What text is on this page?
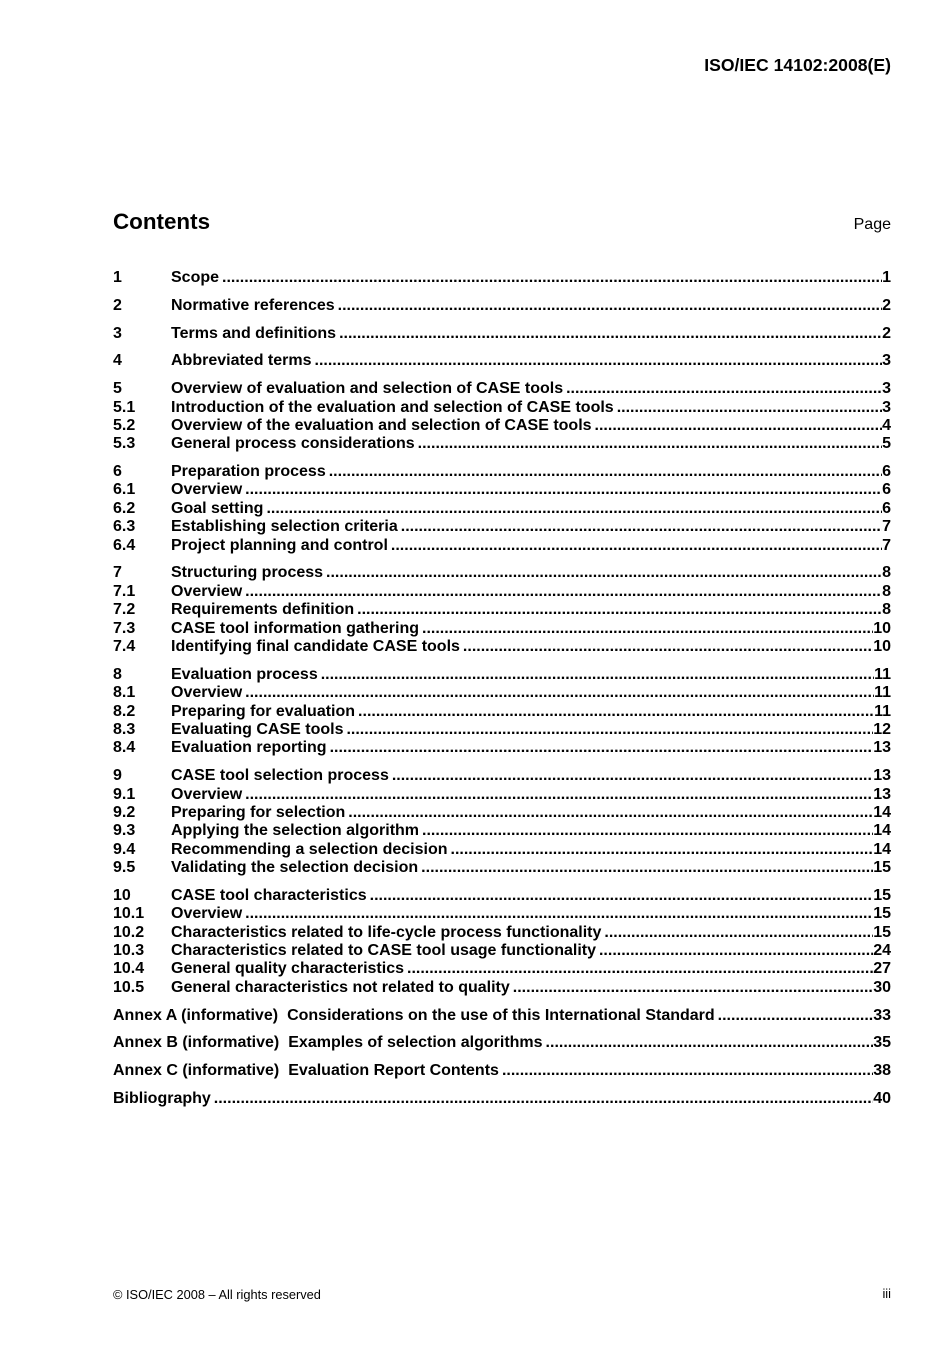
ISO/IEC 14102:2008(E)
Contents	Page
1	Scope .....	1
2	Normative references .....	2
3	Terms and definitions .....	2
4	Abbreviated terms .....	3
5	Overview of evaluation and selection of CASE tools .....	3
5.1	Introduction of the evaluation and selection of CASE tools .....	3
5.2	Overview of the evaluation and selection of CASE tools .....	4
5.3	General process considerations .....	5
6	Preparation process .....	6
6.1	Overview .....	6
6.2	Goal setting .....	6
6.3	Establishing selection criteria .....	7
6.4	Project planning and control .....	7
7	Structuring process .....	8
7.1	Overview .....	8
7.2	Requirements definition .....	8
7.3	CASE tool information gathering .....	10
7.4	Identifying final candidate CASE tools .....	10
8	Evaluation process .....	11
8.1	Overview .....	11
8.2	Preparing for evaluation .....	11
8.3	Evaluating CASE tools .....	12
8.4	Evaluation reporting .....	13
9	CASE tool selection process .....	13
9.1	Overview .....	13
9.2	Preparing for selection .....	14
9.3	Applying the selection algorithm .....	14
9.4	Recommending a selection decision .....	14
9.5	Validating the selection decision .....	15
10	CASE tool characteristics .....	15
10.1	Overview .....	15
10.2	Characteristics related to life-cycle process functionality .....	15
10.3	Characteristics related to CASE tool usage functionality .....	24
10.4	General quality characteristics .....	27
10.5	General characteristics not related to quality .....	30
Annex A (informative) Considerations on the use of this International Standard .....	33
Annex B (informative) Examples of selection algorithms .....	35
Annex C (informative) Evaluation Report Contents .....	38
Bibliography .....	40
© ISO/IEC 2008 – All rights reserved	iii
